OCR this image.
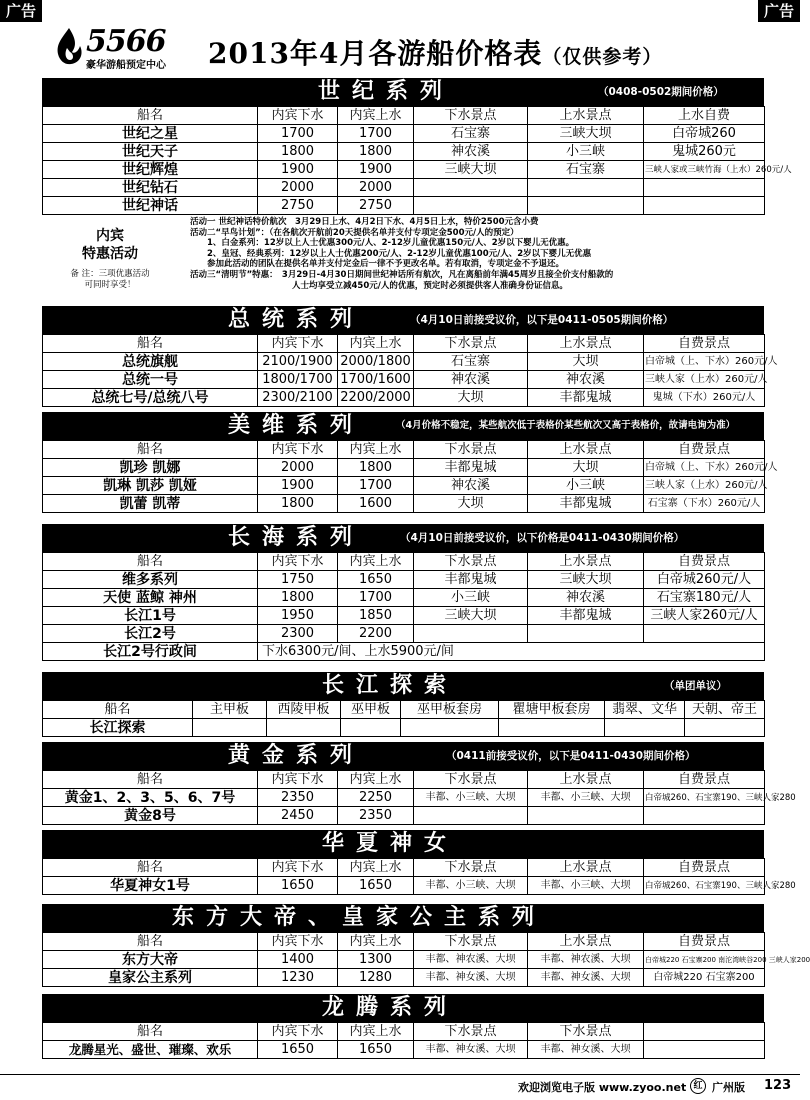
广告	广告
5566
豪华游船预定中心 2013年4月各游船价格表（仅供参考）
世纪系列	（0408-0502期间价格）
船名	内宾下水	内宾上水	下水景点	上水景点	上水自费
世纪之星	1700	1700	石宝寨	三峡大坝	白帝城260
世纪天子	1800	1800	神农溪	小三峡	鬼城260元
世纪辉煌	1900	1900	三峡大坝	石宝寨	三峡人家或三峡竹海（上水）260元/人
世纪钻石	2000	2000			
世纪神话	2750	2750			
内宾
特惠活动
备 注：三项优惠活动
可同时享受！
活动一 世纪神话特价航次　3月29日上水、4月2日下水、4月5日上水，特价2500元含小费
活动二“早鸟计划”：（在各航次开航前20天提供名单并支付专项定金500元/人的预定）
　　1、白金系列：12岁以上人士优惠300元/人、2-12岁儿童优惠150元/人、2岁以下婴儿无优惠。
　　2、皇冠、经典系列：12岁以上人士优惠200元/人、2-12岁儿童优惠100元/人、2岁以下婴儿无优惠
　　参加此活动的团队在提供名单并支付定金后一律不予更改名单。若有取消，专项定金不予退还。
活动三“清明节”特惠：　3月29日-4月30日期间世纪神话所有航次，凡在离船前年满45周岁且接全价支付船款的
　　　　　　　　　　　　人士均享受立减450元/人的优惠，预定时必须提供客人准确身份证信息。
总统系列	（4月10日前接受议价，以下是0411-0505期间价格）
船名	内宾下水	内宾上水	下水景点	上水景点	自费景点
总统旗舰	2100/1900	2000/1800	石宝寨	大坝	白帝城（上、下水）260元/人
总统一号	1800/1700	1700/1600	神农溪	神农溪	三峡人家（上水）260元/人
总统七号/总统八号	2300/2100	2200/2000	大坝	丰都鬼城	鬼城（下水）260元/人
美维系列	（4月价格不稳定，某些航次低于表格价某些航次又高于表格价，故请电询为准）
船名	内宾下水	内宾上水	下水景点	上水景点	自费景点
凯珍 凯娜	2000	1800	丰都鬼城	大坝	白帝城（上、下水）260元/人
凯琳 凯莎 凯娅	1900	1700	神农溪	小三峡	三峡人家（上水）260元/人
凯蕾 凯蒂	1800	1600	大坝	丰都鬼城	石宝寨（下水）260元/人
长海系列	（4月10日前接受议价，以下价格是0411-0430期间价格）
船名	内宾下水	内宾上水	下水景点	上水景点	自费景点
维多系列	1750	1650	丰都鬼城	三峡大坝	白帝城260元/人
天使 蓝鲸 神州	1800	1700	小三峡	神农溪	石宝寨180元/人
长江1号	1950	1850	三峡大坝	丰都鬼城	三峡人家260元/人
长江2号	2300	2200			
长江2号行政间	下水6300元/间、上水5900元/间				
长江探索	（单团单议）
船名	主甲板	西陵甲板	巫甲板	巫甲板套房	瞿塘甲板套房	翡翠、文华	天朝、帝王
长江探索							
黄金系列	（0411前接受议价，以下是0411-0430期间价格）
船名	内宾下水	内宾上水	下水景点	上水景点	自费景点
黄金1、2、3、5、6、7号	2350	2250	丰都、小三峡、大坝	丰都、小三峡、大坝	白帝城260、石宝寨190、三峡人家280
黄金8号	2450	2350			
华夏神女
船名	内宾下水	内宾上水	下水景点	上水景点	自费景点
华夏神女1号	1650	1650	丰都、小三峡、大坝	丰都、小三峡、大坝	白帝城260、石宝寨190、三峡人家280
东方大帝、皇家公主系列
船名	内宾下水	内宾上水	下水景点	上水景点	自费景点
东方大帝	1400	1300	丰都、神农溪、大坝	丰都、神农溪、大坝	白帝城220 石宝寨200 南沱湾峡谷200 三峡人家200
皇家公主系列	1230	1280	丰都、神女溪、大坝	丰都、神女溪、大坝	白帝城220 石宝寨200
龙腾系列
船名	内宾下水	内宾上水	下水景点	下水景点	
龙腾星光、盛世、璀璨、欢乐	1650	1650	丰都、神女溪、大坝	丰都、神女溪、大坝	
欢迎浏览电子版 www.zyoo.net 红 广州版 123
